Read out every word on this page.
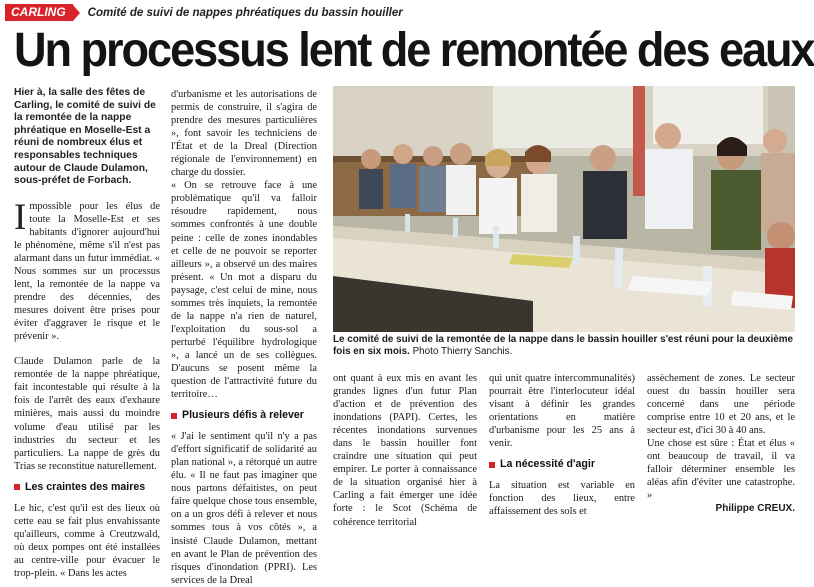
CARLING	Comité de suivi de nappes phréatiques du bassin houiller
Un processus lent de remontée des eaux
Hier à, la salle des fêtes de Carling, le comité de suivi de la remontée de la nappe phréatique en Moselle-Est a réuni de nombreux élus et responsables techniques autour de Claude Dulamon, sous-préfet de Forbach.

Impossible pour les élus de toute la Moselle-Est et ses habitants d'ignorer aujourd'hui le phénomène, même s'il n'est pas alarmant dans un futur immédiat. « Nous sommes sur un processus lent, la remontée de la nappe va prendre des décennies, des mesures doivent être prises pour éviter d'aggraver le risque et le prévenir ».

Claude Dulamon parle de la remontée de la nappe phréatique, fait incontestable qui résulte à la fois de l'arrêt des eaux d'exhaure minières, mais aussi du moindre volume d'eau utilisé par les industries du secteur et les particuliers. La nappe de grès du Trias se reconstitue naturellement.

Les craintes des maires

Le hic, c'est qu'il est des lieux où cette eau se fait plus envahissante qu'ailleurs, comme à Creutzwald, où deux pompes ont été installées au centre-ville pour évacuer le trop-plein. « Dans les actes

d'urbanisme et les autorisations de permis de construire, il s'agira de prendre des mesures particulières », font savoir les techniciens de l'État et de la Dreal (Direction régionale de l'environnement) en charge du dossier.

« On se retrouve face à une problématique qu'il va falloir résoudre rapidement, nous sommes confrontés à une double peine : celle de zones inondables et celle de ne pouvoir se reporter ailleurs », a observé un des maires présent. « Un mot a disparu du paysage, c'est celui de mine, nous sommes très inquiets, la remontée de la nappe n'a rien de naturel, l'exploitation du sous-sol a perturbé l'équilibre hydrologique », a lancé un de ses collègues. D'aucuns se posent même la question de l'attractivité future du territoire…

Plusieurs défis à relever

« J'ai le sentiment qu'il n'y a pas d'effort significatif de solidarité au plan national », a rétorqué un autre élu. « Il ne faut pas imaginer que nous partons défaitistes, on peut faire quelque chose tous ensemble, on a un gros défi à relever et nous sommes tous à vos côtés », a insisté Claude Dulamon, mettant en avant le Plan de prévention des risques d'inondation (PPRI). Les services de la Dreal

Le comité de suivi de la remontée de la nappe dans le bassin houiller s'est réuni pour la deuxième fois en six mois. Photo Thierry Sanchis.

ont quant à eux mis en avant les grandes lignes d'un futur Plan d'action et de prévention des inondations (PAPI). Certes, les récentes inondations survenues dans le bassin houiller font craindre une situation qui peut empirer. Le porter à connaissance de la situation organisé hier à Carling a fait émerger une idée forte : le Scot (Schéma de cohérence territorial

qui unit quatre intercommunalités) pourrait être l'interlocuteur idéal visant à définir les grandes orientations en matière d'urbanisme pour les 25 ans à venir.

La nécessité d'agir

La situation est variable en fonction des lieux, entre affaissement des sols et

assèchement de zones. Le secteur ouest du bassin houiller sera concerné dans une période comprise entre 10 et 20 ans, et le secteur est, d'ici 30 à 40 ans.

Une chose est sûre : État et élus « ont beaucoup de travail, il va falloir déterminer ensemble les aléas afin d'éviter une catastrophe. »

Philippe CREUX.
